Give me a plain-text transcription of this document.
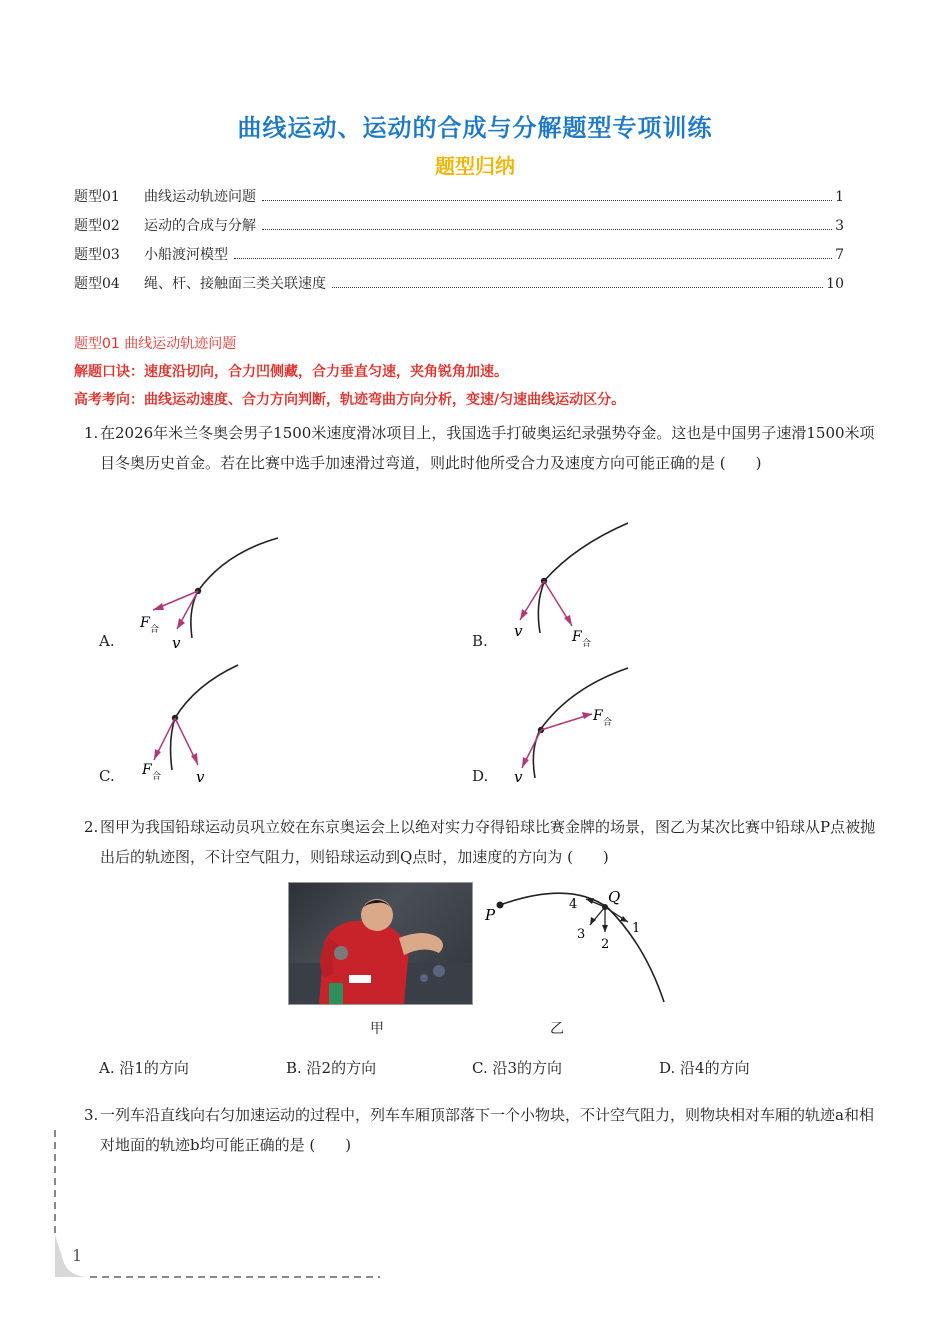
曲线运动、运动的合成与分解题型专项训练
题型归纳
题型01	曲线运动轨迹问题	1
题型02	运动的合成与分解	3
题型03	小船渡河模型	7
题型04	绳、杆、接触面三类关联速度	10
题型01 曲线运动轨迹问题
解题口诀：速度沿切向，合力凹侧藏，合力垂直匀速，夹角锐角加速。
高考考向：曲线运动速度、合力方向判断，轨迹弯曲方向分析，变速/匀速曲线运动区分。
1. 在2026年米兰冬奥会男子1500米速度滑冰项目上，我国选手打破奥运纪录强势夺金。这也是中国男子速滑1500米项目冬奥历史首金。若在比赛中选手加速滑过弯道，则此时他所受合力及速度方向可能正确的是 (　　)
F 合
v
A.
v	F 合
B.
F 合 v
C.
F 合
v
D.
2. 图甲为我国铅球运动员巩立姣在东京奥运会上以绝对实力夺得铅球比赛金牌的场景，图乙为某次比赛中铅球从P点被抛出后的轨迹图，不计空气阻力，则铅球运动到Q点时，加速度的方向为 (　　)
P
Q
1
2
3
4
甲	乙
A. 沿1的方向	B. 沿2的方向	C. 沿3的方向	D. 沿4的方向
3. 一列车沿直线向右匀加速运动的过程中，列车车厢顶部落下一个小物块，不计空气阻力，则物块相对车厢的轨迹a和相对地面的轨迹b均可能正确的是 (　　)
1
